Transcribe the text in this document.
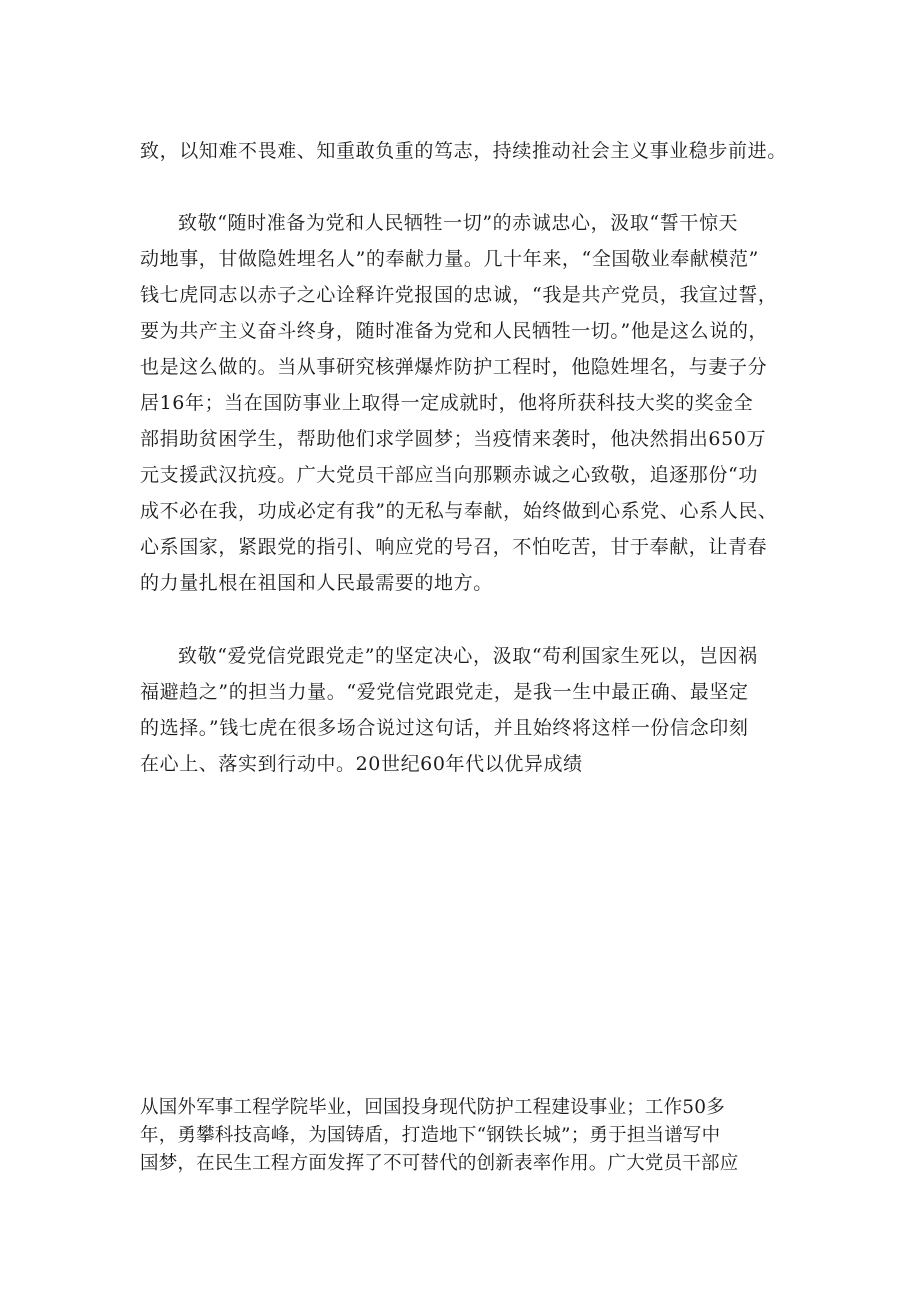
致，以知难不畏难、知重敢负重的笃志，持续推动社会主义事业稳步前进。
致敬“随时准备为党和人民牺牲一切”的赤诚忠心，汲取“誓干惊天
动地事，甘做隐姓埋名人”的奉献力量。几十年来，“全国敬业奉献模范”
钱七虎同志以赤子之心诠释许党报国的忠诚，“我是共产党员，我宣过誓，
要为共产主义奋斗终身，随时准备为党和人民牺牲一切。”他是这么说的，
也是这么做的。当从事研究核弹爆炸防护工程时，他隐姓埋名，与妻子分
居16年；当在国防事业上取得一定成就时，他将所获科技大奖的奖金全
部捐助贫困学生，帮助他们求学圆梦；当疫情来袭时，他决然捐出650万
元支援武汉抗疫。广大党员干部应当向那颗赤诚之心致敬，追逐那份“功
成不必在我，功成必定有我”的无私与奉献，始终做到心系党、心系人民、
心系国家，紧跟党的指引、响应党的号召，不怕吃苦，甘于奉献，让青春
的力量扎根在祖国和人民最需要的地方。
致敬“爱党信党跟党走”的坚定决心，汲取“苟利国家生死以，岂因祸
福避趋之”的担当力量。“爱党信党跟党走，是我一生中最正确、最坚定
的选择。”钱七虎在很多场合说过这句话，并且始终将这样一份信念印刻
在心上、落实到行动中。20世纪60年代以优异成绩
从国外军事工程学院毕业，回国投身现代防护工程建设事业；工作50多
年，勇攀科技高峰，为国铸盾，打造地下“钢铁长城”；勇于担当谱写中
国梦，在民生工程方面发挥了不可替代的创新表率作用。广大党员干部应
